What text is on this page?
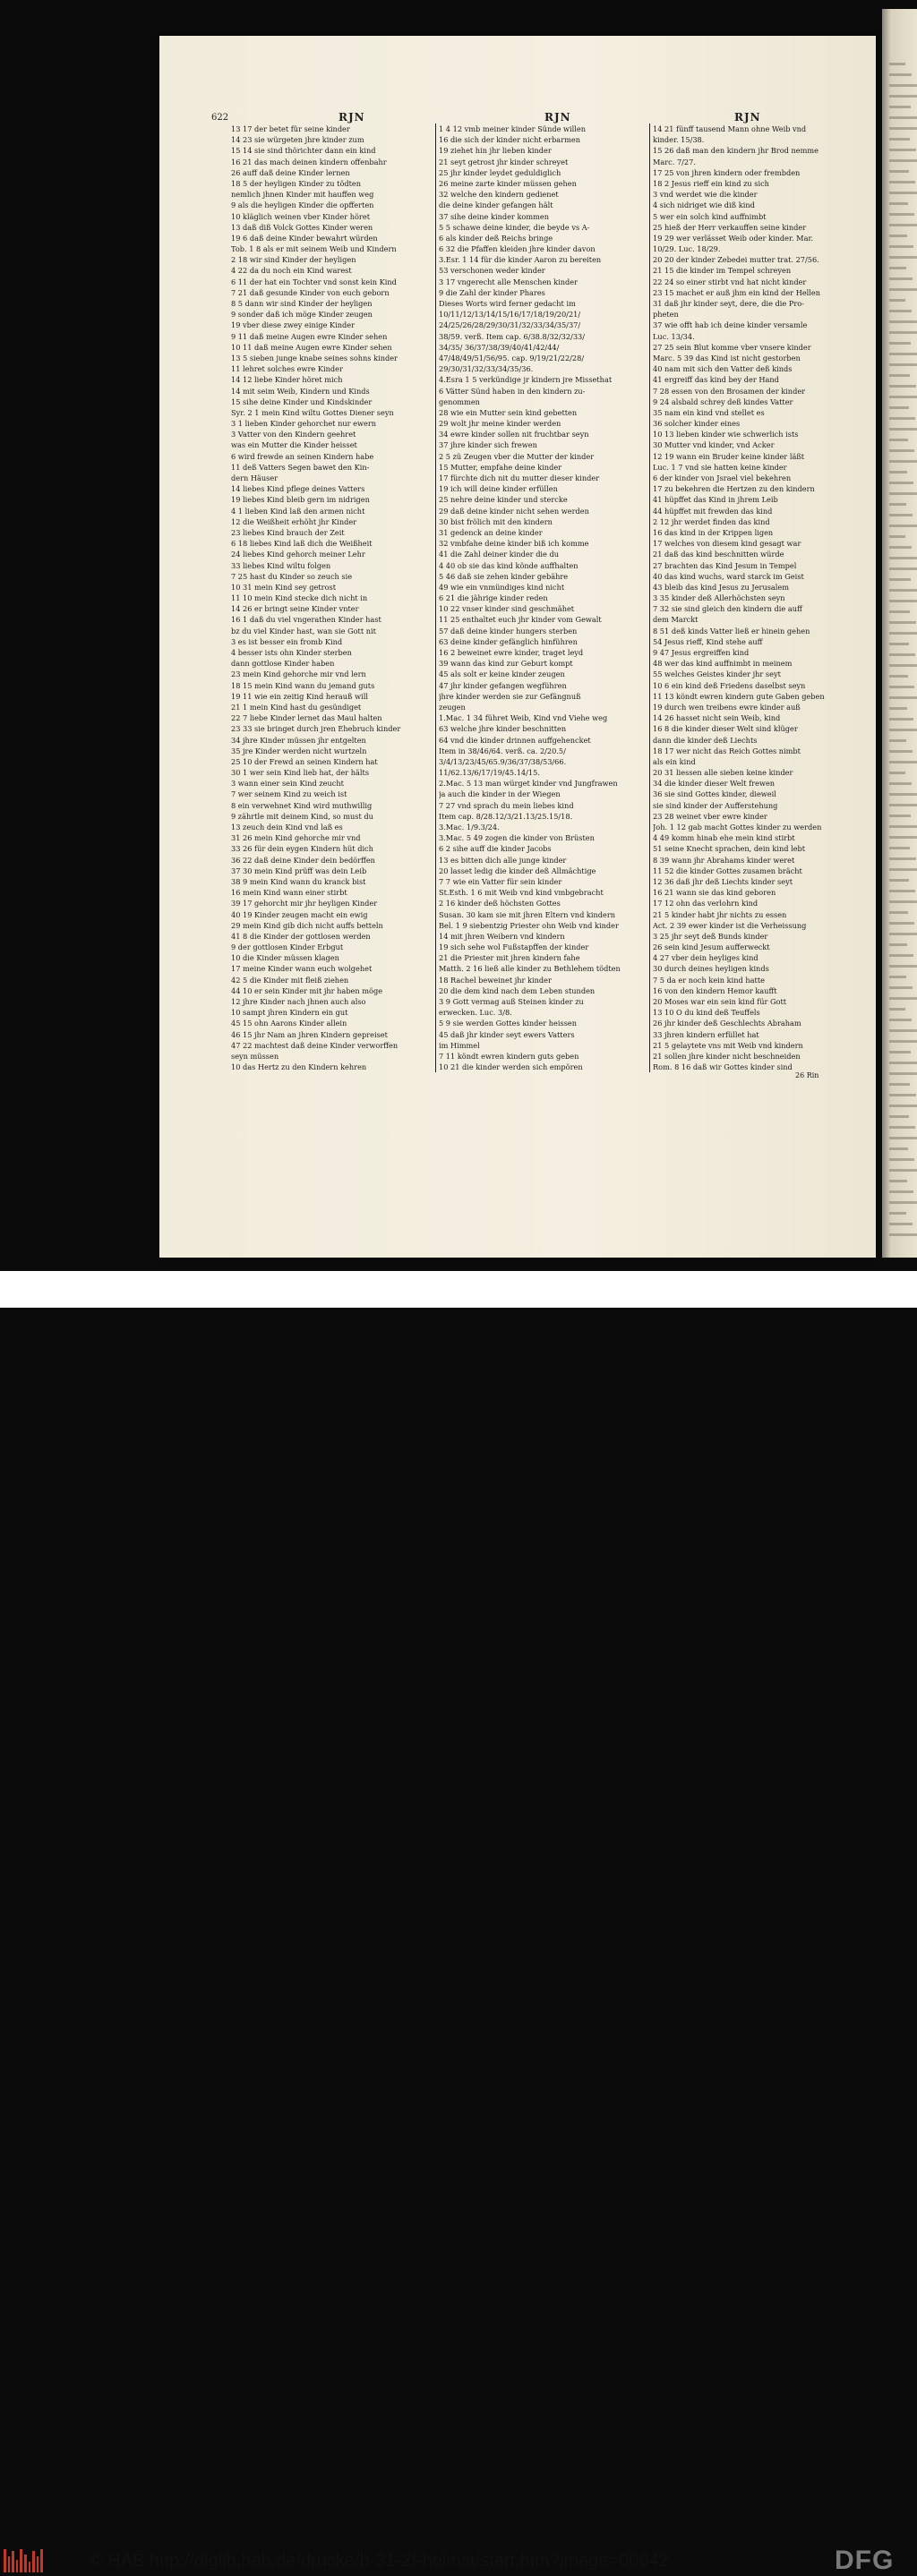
622	RJN	RJN	RJN
13 17 der betet für seine kinder
14 23 sie würgeten jhre kinder zum
15 14 sie sind thörichter dann ein kind
16 21 das mach deinen kindern offenbahr
26 auff daß deine Kinder lernen
18 5 der heyligen Kinder zu tödten
nemlich jhnen Kinder mit hauffen weg
9 als die heyligen Kinder die opfferten
10 kläglich weinen vber Kinder höret
13 daß diß Volck Gottes Kinder weren
19 6 daß deine Kinder bewahrt würden
Tob. 1 8 als er mit seinem Weib und Kindern
2 18 wir sind Kinder der heyligen
4 22 da du noch ein Kind warest
6 11 der hat ein Tochter vnd sonst kein Kind
7 21 daß gesunde Kinder von euch geborn
8 5 dann wir sind Kinder der heyligen
9 sonder daß ich möge Kinder zeugen
19 vber diese zwey einige Kinder
9 11 daß meine Augen ewre Kinder sehen
10 11 daß meine Augen ewre Kinder sehen
13 5 sieben junge knabe seines sohns kinder
11 lehret solches ewre Kinder
14 12 liebe Kinder höret mich
14 mit seim Weib, Kindern und Kinds
15 sihe deine Kinder und Kindskinder
Syr. 2 1 mein Kind wiltu Gottes Diener seyn
3 1 lieben Kinder gehorchet nur ewern
3 Vatter von den Kindern geehret
was ein Mutter die Kinder heisset
6 wird frewde an seinen Kindern habe
11 deß Vatters Segen bawet den Kin-
dern Häuser
14 liebes Kind pflege deines Vatters
19 liebes Kind bleib gern im nidrigen
4 1 lieben Kind laß den armen nicht
12 die Weißheit erhöht jhr Kinder
23 liebes Kind brauch der Zeit
6 18 liebes Kind laß dich die Weißheit
24 liebes Kind gehorch meiner Lehr
33 liebes Kind wiltu folgen
7 25 hast du Kinder so zeuch sie
10 31 mein Kind sey getrost
11 10 mein Kind stecke dich nicht in
14 26 er bringt seine Kinder vnter
16 1 daß du viel vngerathen Kinder hast
bz du viel Kinder hast, wan sie Gott nit
3 es ist besser ein fromb Kind
4 besser ists ohn Kinder sterben
dann gottlose Kinder haben
23 mein Kind gehorche mir vnd lern
18 15 mein Kind wann du jemand guts
19 11 wie ein zeitig Kind herauß will
21 1 mein Kind hast du gesündiget
22 7 liebe Kinder lernet das Maul halten
23 33 sie bringet durch jren Ehebruch kinder
34 jhre Kinder müssen jhr entgelten
35 jre Kinder werden nicht wurtzeln
25 10 der Frewd an seinen Kindern hat
30 1 wer sein Kind lieb hat, der hälts
3 wann einer sein Kind zeucht
7 wer seinem Kind zu weich ist
8 ein verwehnet Kind wird muthwillig
9 zährtle mit deinem Kind, so must du
13 zeuch dein Kind vnd laß es
31 26 mein Kind gehorche mir vnd
33 26 für dein eygen Kindern hüt dich
36 22 daß deine Kinder dein bedörffen
37 30 mein Kind prüff was dein Leib
38 9 mein Kind wann du kranck bist
16 mein Kind wann einer stirbt
39 17 gehorcht mir jhr heyligen Kinder
40 19 Kinder zeugen macht ein ewig
29 mein Kind gib dich nicht auffs betteln
41 8 die Kinder der gottlosen werden
9 der gottlosen Kinder Erbgut
10 die Kinder müssen klagen
17 meine Kinder wann euch wolgehet
42 5 die Kinder mit fleiß ziehen
44 10 er sein Kinder mit jhr haben möge
12 jhre Kinder nach jhnen auch also
10 sampt jhren Kindern ein gut
45 15 ohn Aarons Kinder allein
46 15 jhr Nam an jhren Kindern gepreiset
47 22 machtest daß deine Kinder verworffen
seyn müssen
10 das Hertz zu den Kindern kehren
1 4 12 vmb meiner kinder Sünde willen
16 die sich der kinder nicht erbarmen
19 ziehet hin jhr lieben kinder
21 seyt getrost jhr kinder schreyet
25 jhr kinder leydet geduldiglich
26 meine zarte kinder müssen gehen
32 welche den kindern gedienet
die deine kinder gefangen hält
37 sihe deine kinder kommen
5 5 schawe deine kinder, die beyde vs A-
6 als kinder deß Reichs bringe
6 32 die Pfaffen kleiden jhre kinder davon
3.Esr. 1 14 für die kinder Aaron zu bereiten
53 verschonen weder kinder
3 17 vngerecht alle Menschen kinder
9 die Zahl der kinder Phares
Dieses Worts wird ferner gedacht im
10/11/12/13/14/15/16/17/18/19/20/21/
24/25/26/28/29/30/31/32/33/34/35/37/
38/59. verß. Item cap. 6/38.8/32/32/33/
34/35/ 36/37/38/39/40/41/42/44/
47/48/49/51/56/95. cap. 9/19/21/22/28/
29/30/31/32/33/34/35/36.
4.Esra 1 5 verkündige jr kindern jre Missethat
6 Vätter Sünd haben in den kindern zu-
genommen
28 wie ein Mutter sein kind gebetten
29 wolt jhr meine kinder werden
34 ewre kinder sollen nit fruchtbar seyn
37 jhre kinder sich frewen
2 5 zü Zeugen vber die Mutter der kinder
15 Mutter, empfahe deine kinder
17 fürchte dich nit du mutter dieser kinder
19 ich will deine kinder erfüllen
25 nehre deine kinder und stercke
29 daß deine kinder nicht sehen werden
30 bist frölich mit den kindern
31 gedenck an deine kinder
32 vmbfahe deine kinder biß ich komme
41 die Zahl deiner kinder die du
4 40 ob sie das kind könde auffhalten
5 46 daß sie zehen kinder gebähre
49 wie ein vnmündiges kind nicht
6 21 die jährige kinder reden
10 22 vnser kinder sind geschmähet
11 25 enthaltet euch jhr kinder vom Gewalt
57 daß deine kinder hungers sterben
63 deine kinder gefänglich hinführen
16 2 beweinet ewre kinder, traget leyd
39 wann das kind zur Geburt kompt
45 als solt er keine kinder zeugen
47 jhr kinder gefangen wegführen
jhre kinder werden sie zur Gefängnuß
zeugen
1.Mac. 1 34 führet Weib, Kind vnd Viehe weg
63 welche jhre kinder beschnitten
64 vnd die kinder drinnen auffgehencket
Item in 38/46/64. verß. ca. 2/20.5/
3/4/13/23/45/65.9/36/37/38/53/66.
11/62.13/6/17/19/45.14/15.
2.Mac. 5 13 man würget kinder vnd Jungfrawen
ja auch die kinder in der Wiegen
7 27 vnd sprach du mein liebes kind
Item cap. 8/28.12/3/21.13/25.15/18.
3.Mac. 1/9.3/24.
3.Mac. 5 49 zogen die kinder von Brüsten
6 2 sihe auff die kinder Jacobs
13 es bitten dich alle junge kinder
20 lasset ledig die kinder deß Allmächtige
7 7 wie ein Vatter für sein kinder
St.Esth. 1 6 mit Weib vnd kind vmbgebracht
2 16 kinder deß höchsten Gottes
Susan. 30 kam sie mit jhren Eltern vnd kindern
Bel. 1 9 siebentzig Priester ohn Weib vnd kinder
14 mit jhren Weibern vnd kindern
19 sich sehe wol Fußstapffen der kinder
21 die Priester mit jhren kindern fahe
Matth. 2 16 ließ alle kinder zu Bethlehem tödten
18 Rachel beweinet jhr kinder
20 die dem kind nach dem Leben stunden
3 9 Gott vermag auß Steinen kinder zu
erwecken. Luc. 3/8.
5 9 sie werden Gottes kinder heissen
45 daß jhr kinder seyt ewers Vatters
im Himmel
7 11 köndt ewren kindern guts geben
10 21 die kinder werden sich empören
14 21 fünff tausend Mann ohne Weib vnd
kinder. 15/38.
15 26 daß man den kindern jhr Brod nemme
Marc. 7/27.
17 25 von jhren kindern oder frembden
18 2 Jesus rieff ein kind zu sich
3 vnd werdet wie die kinder
4 sich nidriget wie diß kind
5 wer ein solch kind auffnimbt
25 hieß der Herr verkauffen seine kinder
19 29 wer verlässet Weib oder kinder. Mar.
10/29. Luc. 18/29.
20 20 der kinder Zebedei mutter trat. 27/56.
21 15 die kinder im Tempel schreyen
22 24 so einer stirbt vnd hat nicht kinder
23 15 machet er auß jhm ein kind der Hellen
31 daß jhr kinder seyt, dere, die die Pro-
pheten
37 wie offt hab ich deine kinder versamle
Luc. 13/34.
27 25 sein Blut komme vber vnsere kinder
Marc. 5 39 das Kind ist nicht gestorben
40 nam mit sich den Vatter deß kinds
41 ergreiff das kind bey der Hand
7 28 essen von den Brosamen der kinder
9 24 alsbald schrey deß kindes Vatter
35 nam ein kind vnd stellet es
36 solcher kinder eines
10 13 lieben kinder wie schwerlich ists
30 Mutter vnd kinder, vnd Acker
12 19 wann ein Bruder keine kinder läßt
Luc. 1 7 vnd sie hatten keine kinder
6 der kinder von Jsrael viel bekehren
17 zu bekehren die Hertzen zu den kindern
41 hüpffet das Kind in jhrem Leib
44 hüpffet mit frewden das kind
2 12 jhr werdet finden das kind
16 das kind in der Krippen ligen
17 welches von diesem kind gesagt war
21 daß das kind beschnitten würde
27 brachten das Kind Jesum in Tempel
40 das kind wuchs, ward starck im Geist
43 bleib das kind Jesus zu Jerusalem
3 35 kinder deß Allerhöchsten seyn
7 32 sie sind gleich den kindern die auff
dem Marckt
8 51 deß kinds Vatter ließ er hinein gehen
54 Jesus rieff, Kind stehe auff
9 47 Jesus ergreiffen kind
48 wer das kind auffnimbt in meinem
55 welches Geistes kinder jhr seyt
10 6 ein kind deß Friedens daselbst seyn
11 13 köndt ewren kindern gute Gaben geben
19 durch wen treibens ewre kinder auß
14 26 hasset nicht sein Weib, kind
16 8 die kinder dieser Welt sind klüger
dann die kinder deß Liechts
18 17 wer nicht das Reich Gottes nimbt
als ein kind
20 31 liessen alle sieben keine kinder
34 die kinder dieser Welt frewen
36 sie sind Gottes kinder, dieweil
sie sind kinder der Aufferstehung
23 28 weinet vber ewre kinder
Joh. 1 12 gab macht Gottes kinder zu werden
4 49 komm hinab ehe mein kind stirbt
51 seine Knecht sprachen, dein kind lebt
8 39 wann jhr Abrahams kinder weret
11 52 die kinder Gottes zusamen brächt
12 36 daß jhr deß Liechts kinder seyt
16 21 wann sie das kind geboren
17 12 ohn das verlohrn kind
21 5 kinder habt jhr nichts zu essen
Act. 2 39 ewer kinder ist die Verheissung
3 25 jhr seyt deß Bunds kinder
26 sein kind Jesum aufferweckt
4 27 vber dein heyliges kind
30 durch deines heyligen kinds
7 5 da er noch kein kind hatte
16 von den kindern Hemor kaufft
20 Moses war ein sein kind für Gott
13 10 O du kind deß Teuffels
26 jhr kinder deß Geschlechts Abraham
33 jhren kindern erfüllet hat
21 5 gelaytete vns mit Weib vnd kindern
21 sollen jhre kinder nicht beschneiden
Rom. 8 16 daß wir Gottes kinder sind
26 Rin
© HAB http://diglib.hab.de/drucke/b-31-2f-helmst/start.htm?image=00642	DFG
